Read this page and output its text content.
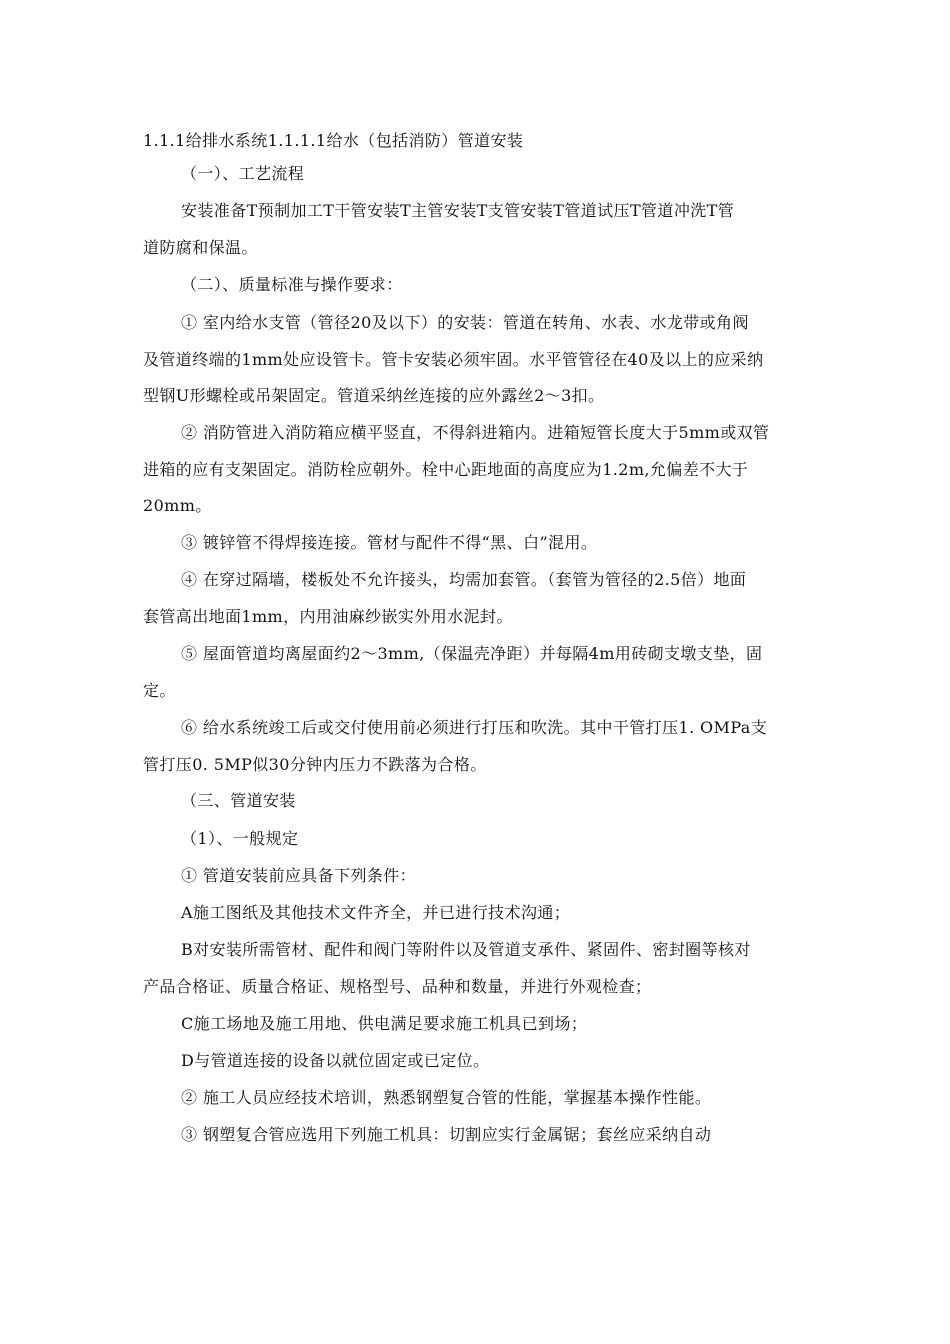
1.1.1给排水系统1.1.1.1给水（包括消防）管道安装
（一）、工艺流程
安装准备T预制加工T干管安装T主管安装T支管安装T管道试压T管道冲洗T管
道防腐和保温。
（二）、质量标准与操作要求：
① 室内给水支管（管径20及以下）的安装：管道在转角、水表、水龙带或角阀
及管道终端的1mm处应设管卡。管卡安装必须牢固。水平管管径在40及以上的应采纳
型钢U形螺栓或吊架固定。管道采纳丝连接的应外露丝2〜3扣。
② 消防管进入消防箱应横平竖直，不得斜进箱内。进箱短管长度大于5mm或双管
进箱的应有支架固定。消防栓应朝外。栓中心距地面的高度应为1.2m,允偏差不大于
20mm。
③ 镀锌管不得焊接连接。管材与配件不得“黑、白”混用。
④ 在穿过隔墙，楼板处不允许接头，均需加套管。（套管为管径的2.5倍）地面
套管高出地面1mm，内用油麻纱嵌实外用水泥封。
⑤ 屋面管道均离屋面约2〜3mm,（保温壳净距）并每隔4m用砖砌支墩支垫，固
定。
⑥ 给水系统竣工后或交付使用前必须进行打压和吹洗。其中干管打压1. OMPa支
管打压0. 5MP似30分钟内压力不跌落为合格。
（三、管道安装
（1）、一般规定
① 管道安装前应具备下列条件：
A施工图纸及其他技术文件齐全，并已进行技术沟通；
B对安装所需管材、配件和阀门等附件以及管道支承件、紧固件、密封圈等核对
产品合格证、质量合格证、规格型号、品种和数量，并进行外观检查；
C施工场地及施工用地、供电满足要求施工机具已到场；
D与管道连接的设备以就位固定或已定位。
② 施工人员应经技术培训，熟悉钢塑复合管的性能，掌握基本操作性能。
③ 钢塑复合管应选用下列施工机具：切割应实行金属锯；套丝应采纳自动
